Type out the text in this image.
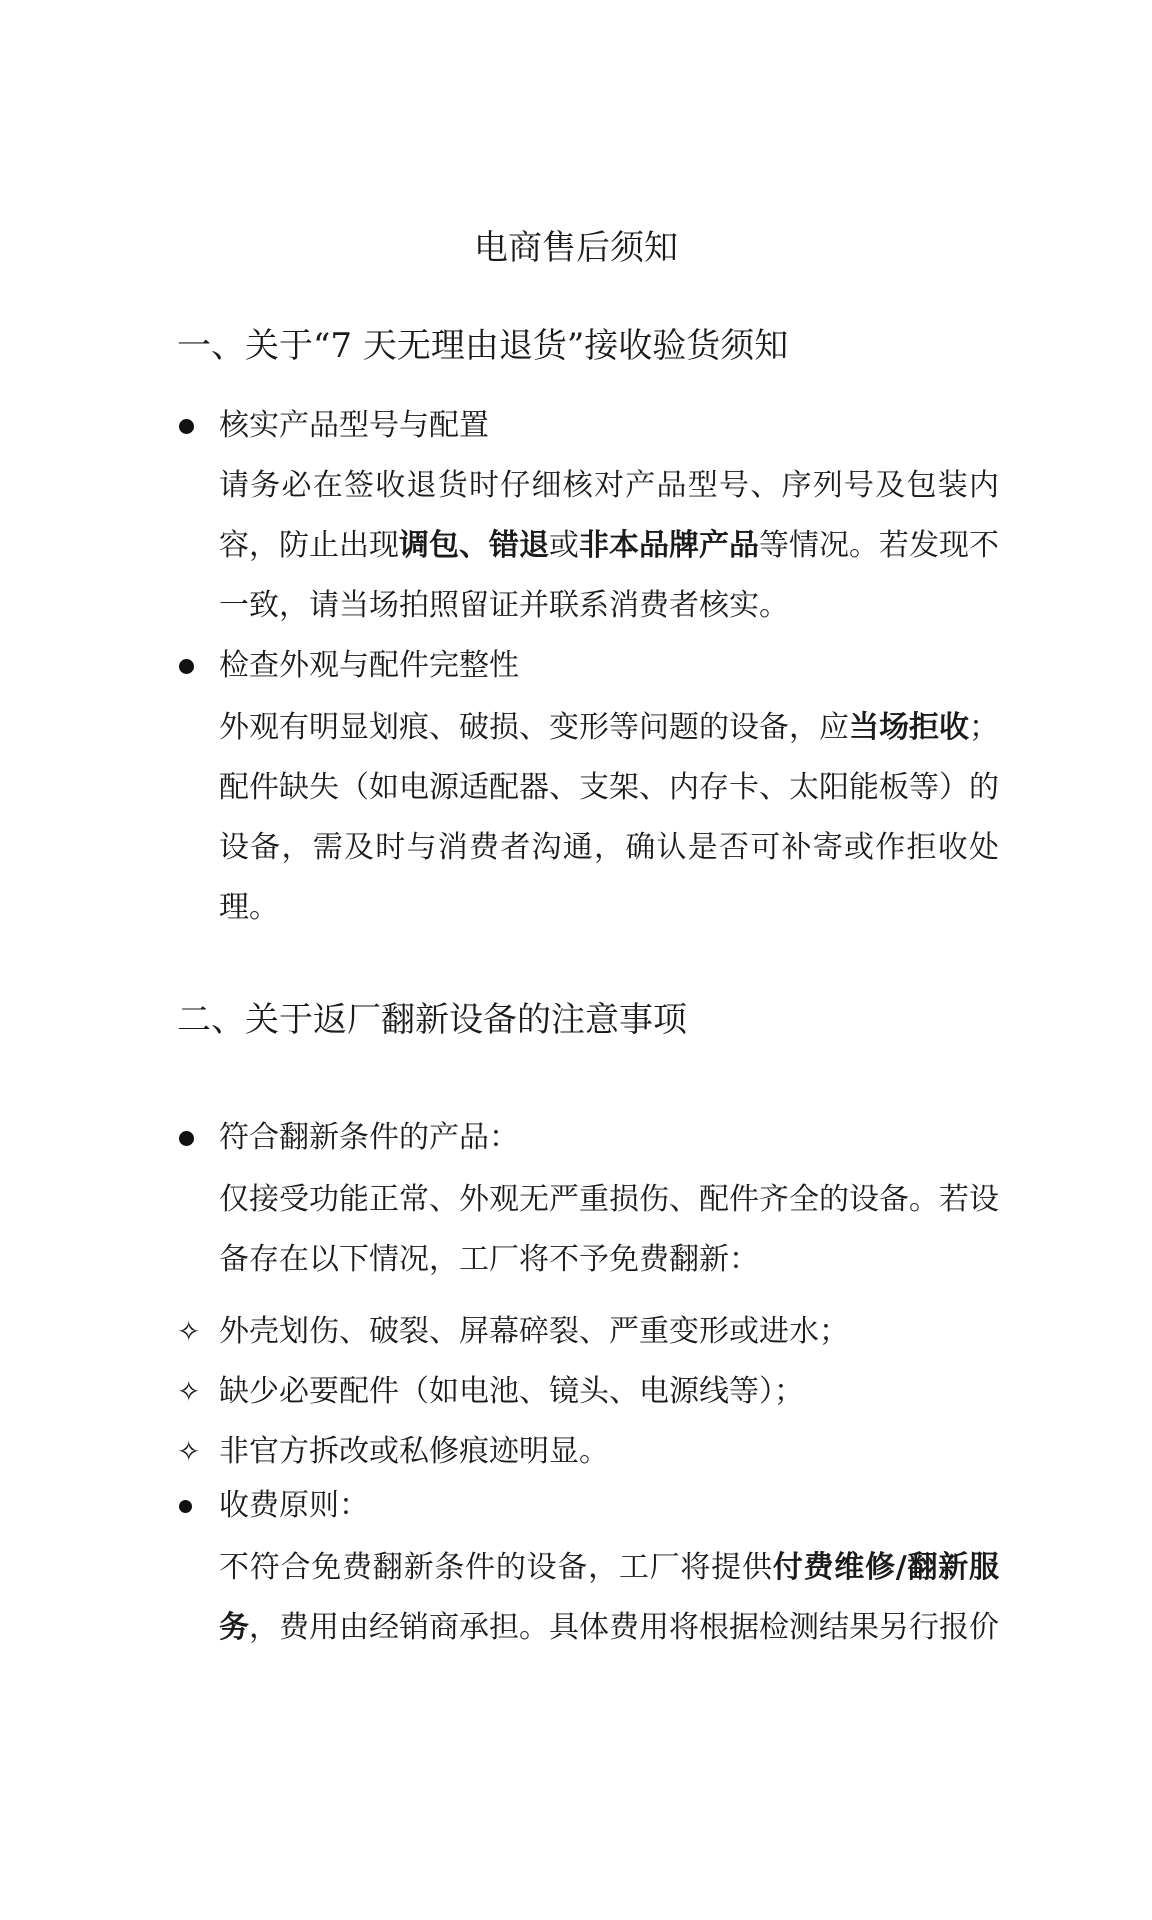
电商售后须知
一、关于“7 天无理由退货”接收验货须知
核实产品型号与配置

请务必在签收退货时仔细核对产品型号、序列号及包装内容，防止出现调包、错退或非本品牌产品等情况。若发现不一致，请当场拍照留证并联系消费者核实。

检查外观与配件完整性

外观有明显划痕、破损、变形等问题的设备，应当场拒收；配件缺失（如电源适配器、支架、内存卡、太阳能板等）的设备，需及时与消费者沟通，确认是否可补寄或作拒收处理。

二、关于返厂翻新设备的注意事项
符合翻新条件的产品：

仅接受功能正常、外观无严重损伤、配件齐全的设备。若设备存在以下情况，工厂将不予免费翻新：

✧ 外壳划伤、破裂、屏幕碎裂、严重变形或进水；
✧ 缺少必要配件（如电池、镜头、电源线等）；
✧ 非官方拆改或私修痕迹明显。
收费原则：

不符合免费翻新条件的设备，工厂将提供付费维修/翻新服务，费用由经销商承担。具体费用将根据检测结果另行报价
